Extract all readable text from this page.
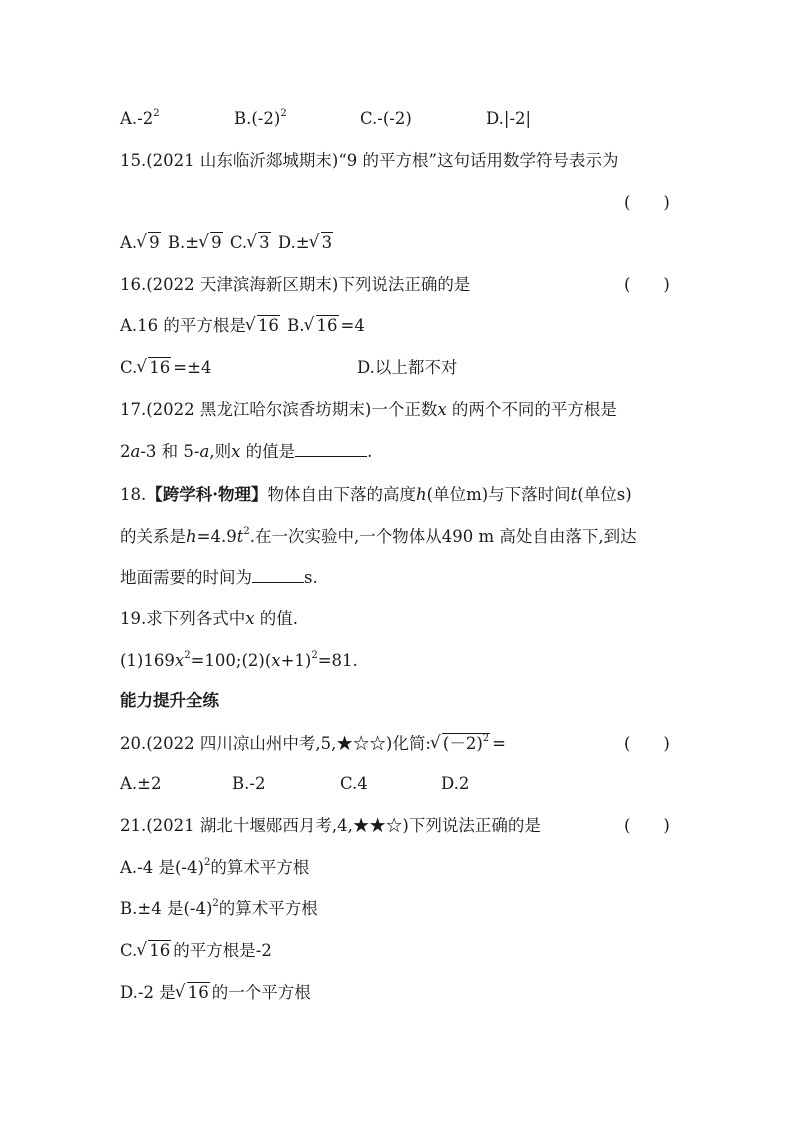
$A.-2^2$	$B.(-2)^2$	C.-(-2)	D.|-2|
15.(2021 山东临沂郯城期末)“9 的平方根”这句话用数学符号表示为
(　　)
A. √ 9 B.± √ 9 C. √ 3 D.± √ 3
16.(2022 天津滨海新区期末)下列说法正确的是	(　　)
A.16 的平方根是 √ 16 B. √ 16 =4
C. √ 16 =±4	D.以上都不对
17.(2022 黑龙江哈尔滨香坊期末)一个正数x 的两个不同的平方根是
2a-3 和 5-a,则x 的值是	.
18.【跨学科·物理】物体自由下落的高度h(单位m)与下落时间t(单位s)
的关系是$h=4.9t^2$.在一次实验中,一个物体从490 m 高处自由落下,到达
地面需要的时间为	s.
19.求下列各式中x 的值.
$(1)169x^2=100;(2)(x+1)^2=81$.
能力提升全练
20.(2022 四川凉山州中考,5,★☆☆)化简: √ $(-2)^2$ =	(　　)
A.±2	B.-2	C.4	D.2
21.(2021 湖北十堰郧西月考,4,★★☆)下列说法正确的是	(　　)
A.-4 是$(-4)^2$的算术平方根
B.±4 是$(-4)^2$的算术平方根
C. √ 16 的平方根是-2
D.-2 是 √ 16 的一个平方根
